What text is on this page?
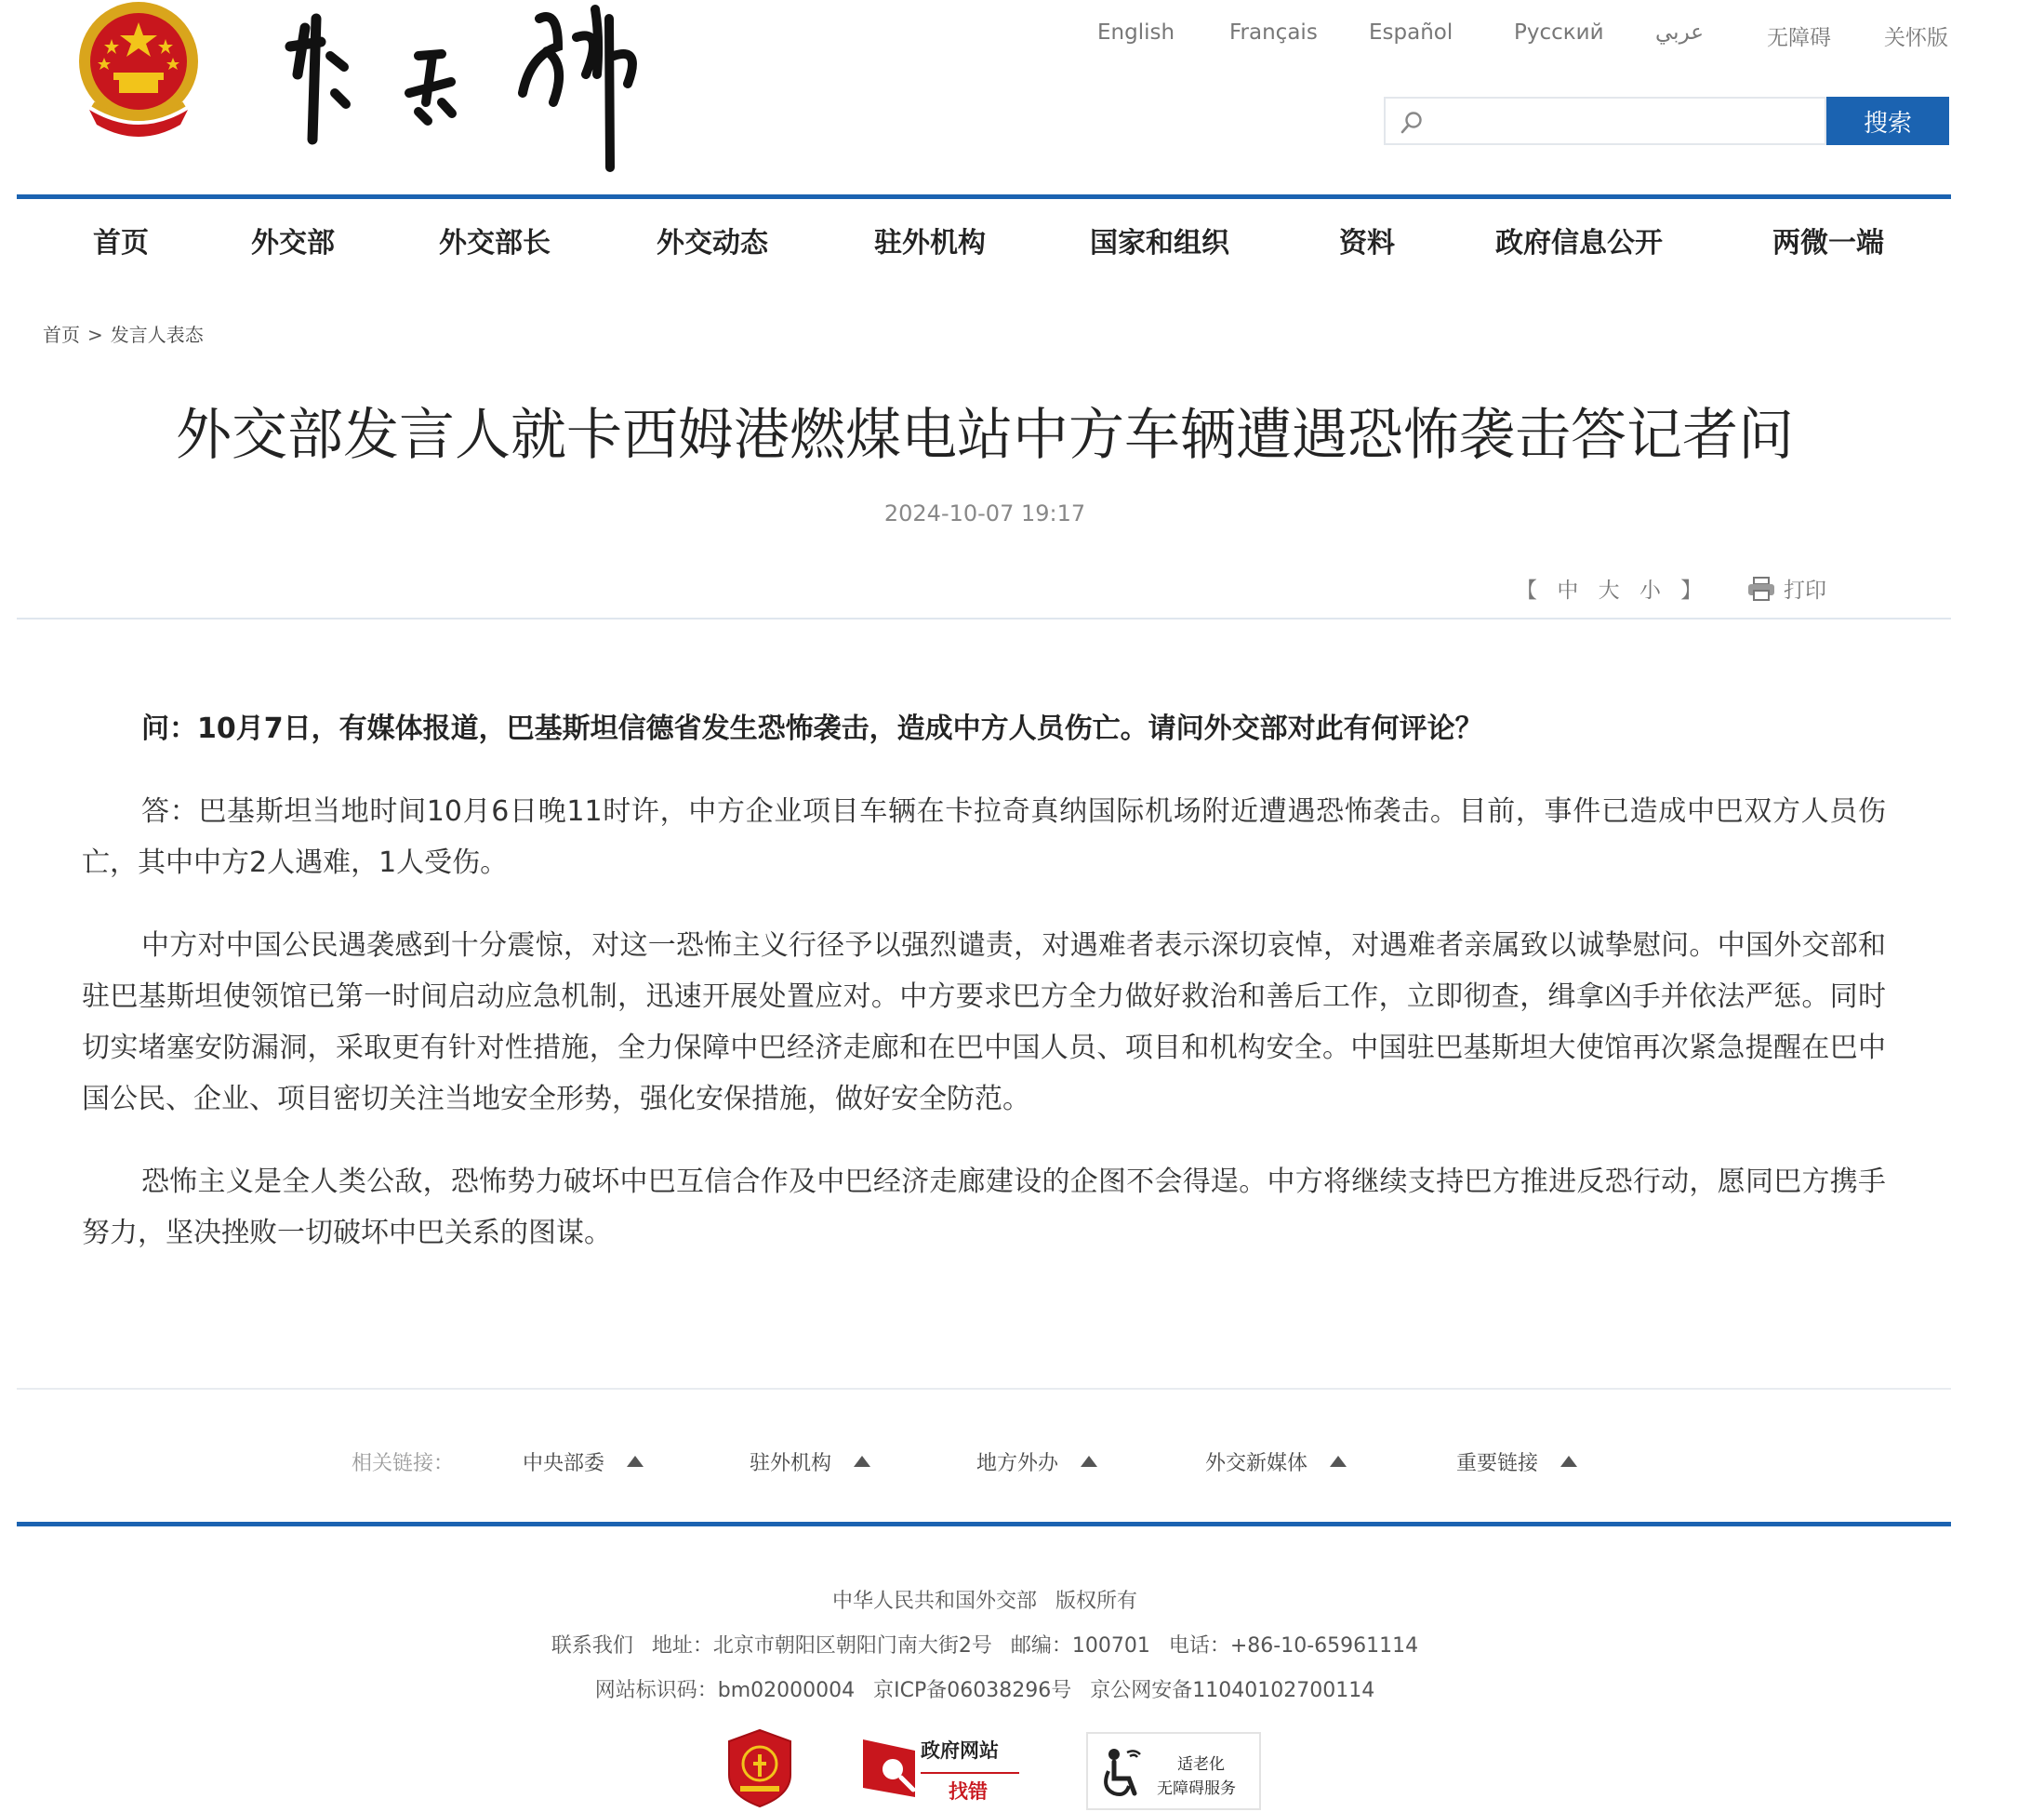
English	Français Español	Русский عربي	无障碍 关怀版
搜索
首页	外交部	外交部长	外交动态	驻外机构	国家和组织	资料	政府信息公开	两微一端
首页 > 发言人表态
外交部发言人就卡西姆港燃煤电站中方车辆遭遇恐怖袭击答记者问
2024-10-07 19:17
【 中 大 小 】	打印

问：10月7日，有媒体报道，巴基斯坦信德省发生恐怖袭击，造成中方人员伤亡。请问外交部对此有何评论？

答：巴基斯坦当地时间10月6日晚11时许，中方企业项目车辆在卡拉奇真纳国际机场附近遭遇恐怖袭击。目前，事件已造成中巴双方人员伤亡，其中中方2人遇难，1人受伤。

中方对中国公民遇袭感到十分震惊，对这一恐怖主义行径予以强烈谴责，对遇难者表示深切哀悼，对遇难者亲属致以诚挚慰问。中国外交部和驻巴基斯坦使领馆已第一时间启动应急机制，迅速开展处置应对。中方要求巴方全力做好救治和善后工作，立即彻查，缉拿凶手并依法严惩。同时切实堵塞安防漏洞，采取更有针对性措施，全力保障中巴经济走廊和在巴中国人员、项目和机构安全。中国驻巴基斯坦大使馆再次紧急提醒在巴中国公民、企业、项目密切关注当地安全形势，强化安保措施，做好安全防范。

恐怖主义是全人类公敌，恐怖势力破坏中巴互信合作及中巴经济走廊建设的企图不会得逞。中方将继续支持巴方推进反恐行动，愿同巴方携手努力，坚决挫败一切破坏中巴关系的图谋。

相关链接：	中央部委	驻外机构	地方外办	外交新媒体	重要链接
中华人民共和国外交部 版权所有
联系我们 地址：北京市朝阳区朝阳门南大街2号 邮编：100701 电话：+86-10-65961114
网站标识码：bm02000004 京ICP备06038296号 京公网安备11040102700114
政府网站
找错
适老化
无障碍服务
